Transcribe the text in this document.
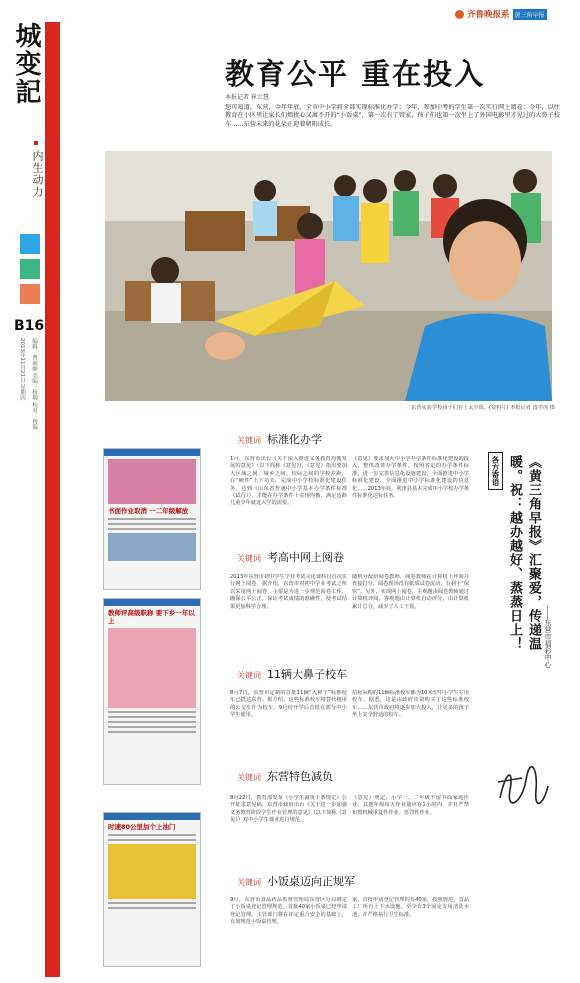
齐鲁晚报系 黄三角早报
城变記
内生动力
B16
2013年11月21日 星期四 编辑：曹丽丽 美编：杨瑞 校对：杨瑞
教育公平 重在投入
本报记者 崔立慧
您可知道，东营，今年年底，全市中小学将全部实现标准化办学；今年，参加中考的学生第一次实行网上阅卷；今年，以往教育在小区里让家长们烦扰心又离不开的“小饭桌”，第一次有了管家，孩子们也第一次坐上了外国电影里才见过的大鼻子校车……东营未来的花朵正迎着朝阳成长。
东营实验学校孩子们在上太空课。(资料片) 本报记者 段学虎 摄
书面作业取消 一二年级解放
教师评高级职称 要下乡一年以上
时速80公里加个上油门
关键词 标准化办学
1月，东营市出台《关于深入推进义务教育均衡发展的意见》（以下简称《意见》），《意见》指出要加大区域之间、城乡之间、校际之间的学校差距，在“硬件”上下功夫，完成中小学校标准化建设任务，达到《山东省普通中小学基本办学条件标准（试行）》，才能在办学条件上实现均衡，满足适龄儿童少年就近入学的需要。
《意见》要求加大中小学办学条件标准化建设的投入，整体改善办学条件。按照省定的办学条件标准，进一步完善信息化设施建设，全面推进中小学标准化建设，全面推进中小学标准化建设的信息化……2013年底，利津县基本完成中小学校办学条件标准化达标任务。
关键词 考高中网上阅卷
2013年东营市初中学生学业考试文化课科目首次实行网上阅卷。据介绍，东营市对初中学业考试之所以采用网上阅卷，主要是为进一步规范阅卷工作，确保公平公正，保证考试成绩的准确性，使考试结果更加科学合理。
随机分配给阅卷教师，阅卷教师在计算机上评阅并直接打分，阅卷现场没有纸质试卷流动，有利于“保密”。另外，实现网上阅卷，主观题由阅卷教师通过计算机评阅，客观题由计算机自动评分，由计算机累计总分，减少了人工干预。
关键词 11辆大鼻子校车
8月7日，东营市定制的首批11辆“大鼻子”标准校车已抵达东营。据介绍，这些标准校车将替代租用的公交车作为校车，9月份开学后首批在部分中小学生使用。
招标采购的11辆标准校车都为10米型中小学生专用校车。据悉，这是由政府出资购买了这些标准校车……东营市政府将逐步加大投入，让更多的孩子坐上安全舒适的校车。
关键词 东营特色减负
8月22日，教育部发布《小学生减负十条规定》公开征求意见稿，东营市政府出台《关于进一步加强义务教育阶段学生作业管理的意见》（以下简称《意见》）对中小学生课业进行规范。
《意见》规定，小学一、二年级不留书面家庭作业，其他年级每天作业量应在1小时内，并且严禁布置机械重复性作业、惩罚性作业。
关键词 小饭桌迈向正规军
9月，东营市食品药品监督管理局东营区分局制定了小饭桌登记管理规范，首批40家小饭桌已经申请登记管理。主管部门将在评定重合安全的基础上，有效规范小饭桌管理。
家，首批申请登记管理的有40家，按照规范，食品工厂所有上下水设施，至少有3个固定专用清洗水池，并严格执行卫生标准。
各方寄语	《黄三角早报》汇聚爱，传递温暖。祝：越办越好、蒸蒸日上！	——东营市福彩中心
